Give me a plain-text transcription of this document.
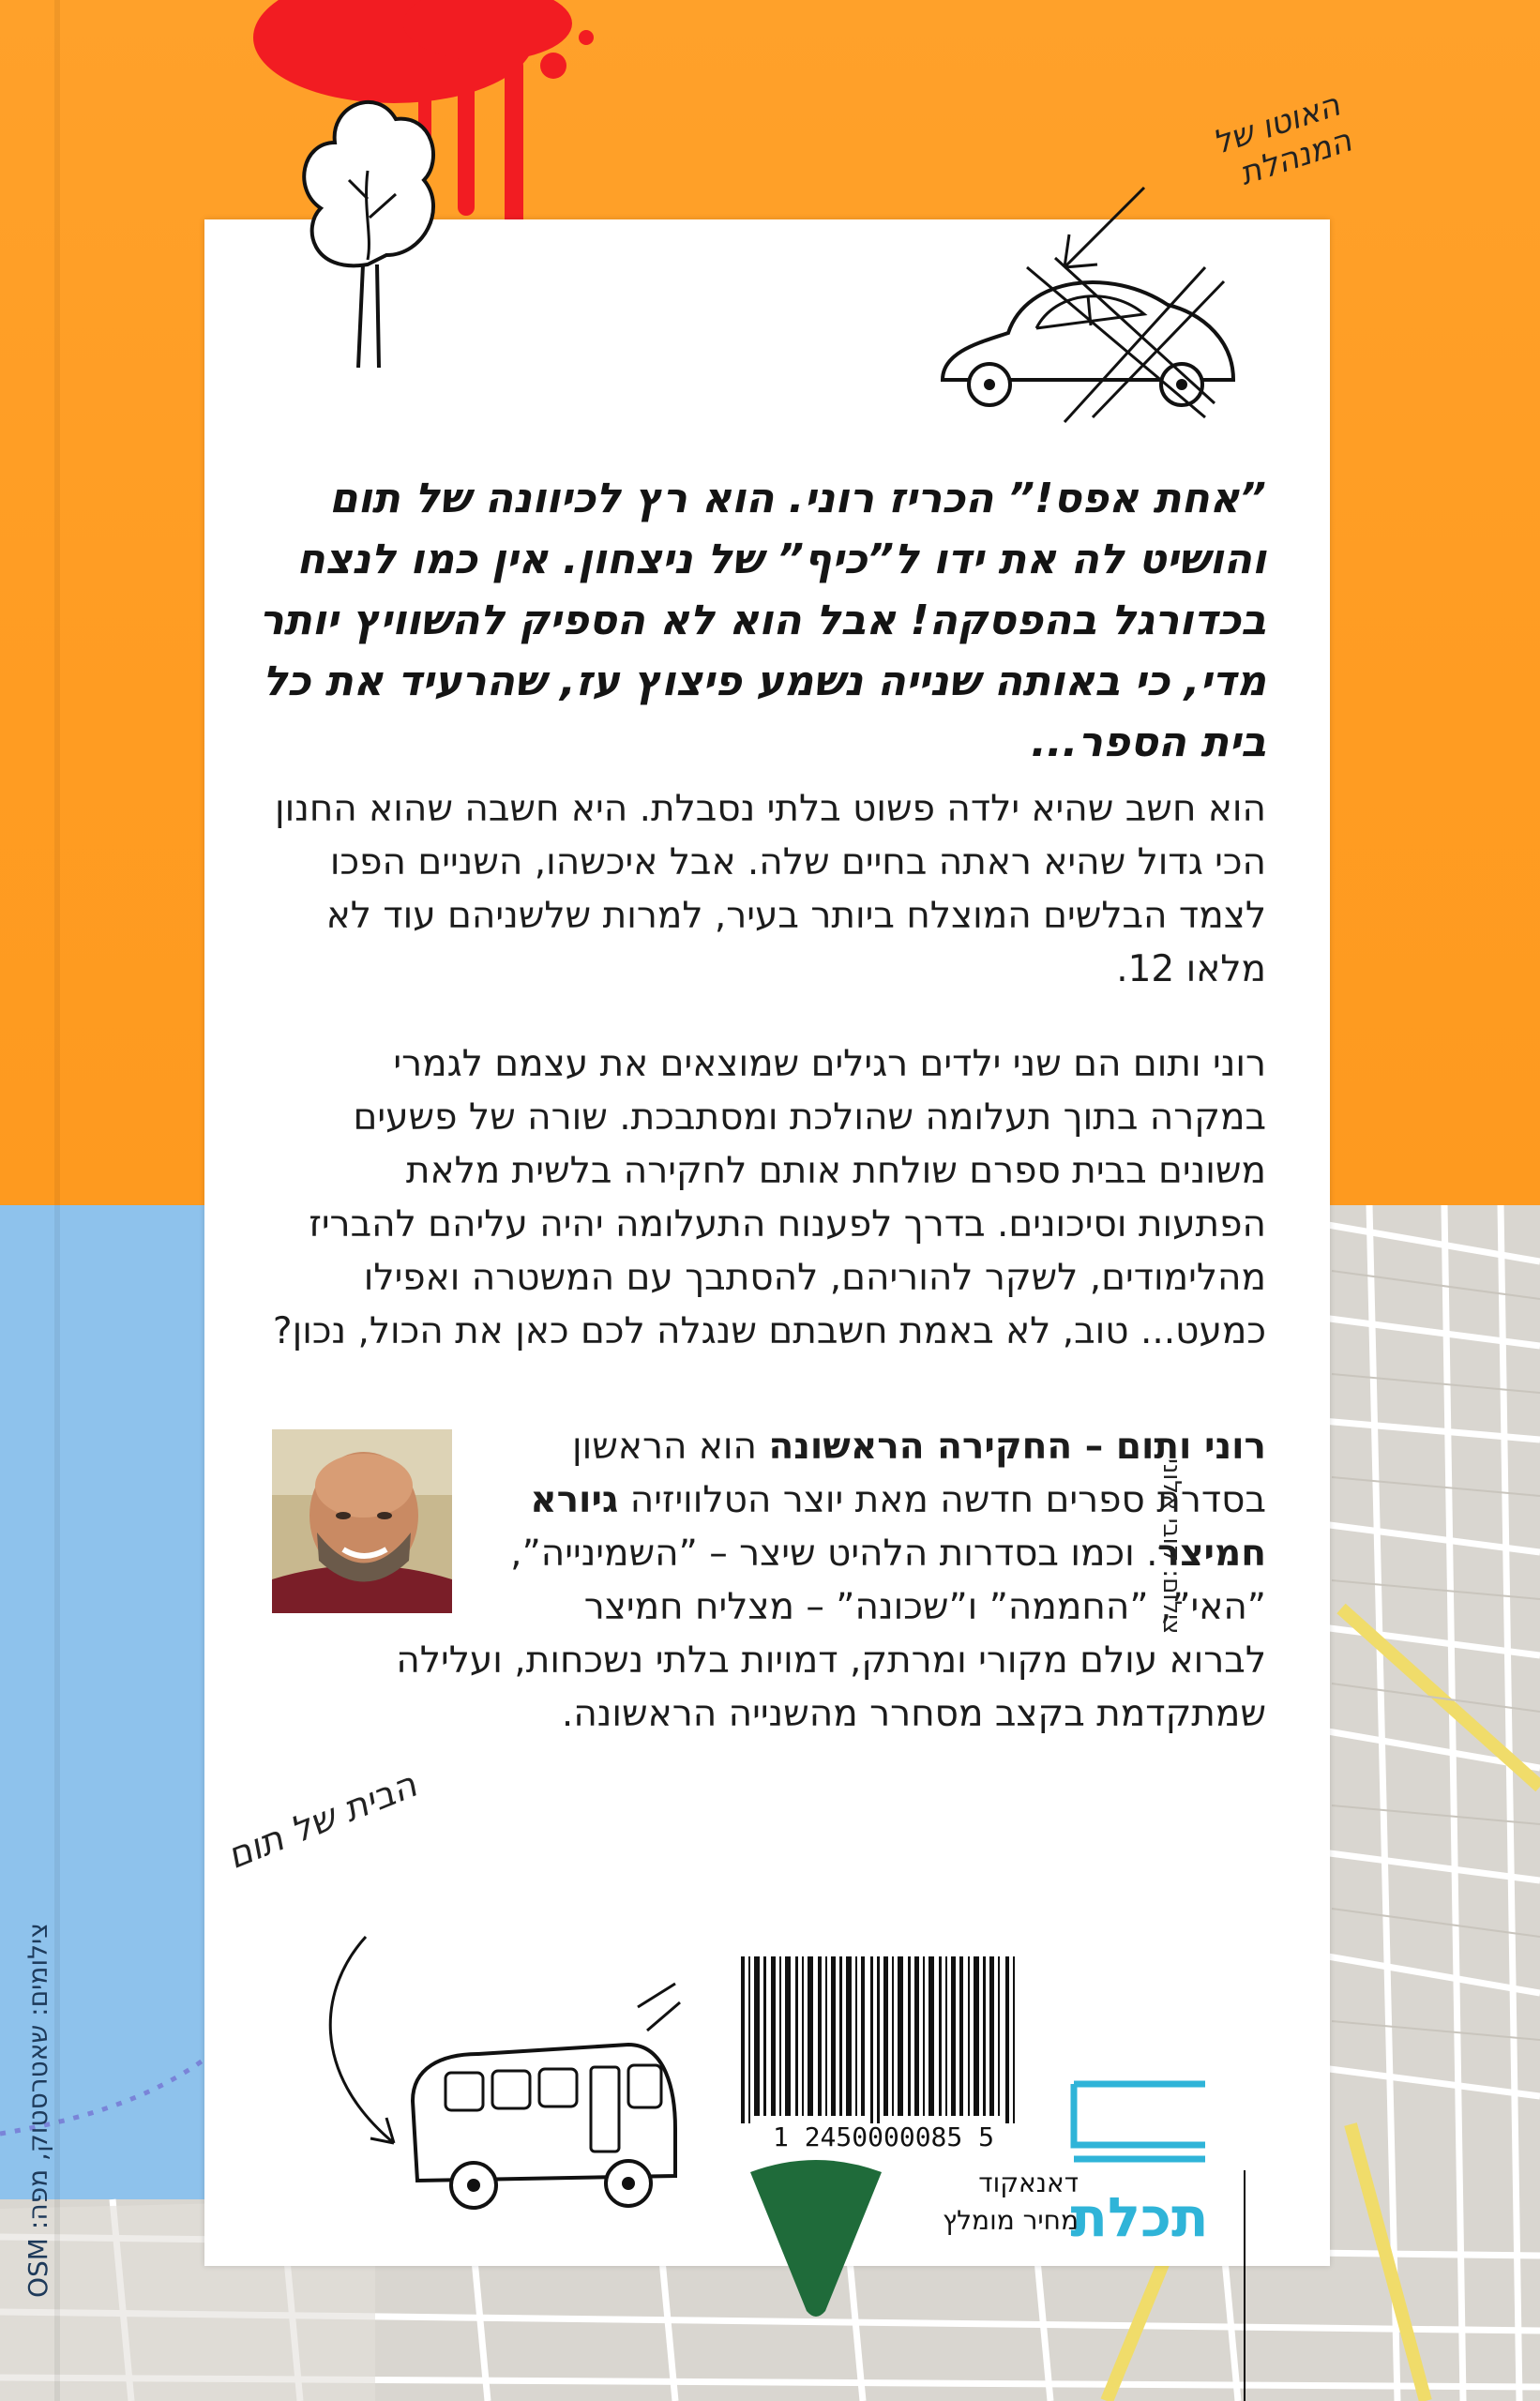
”אחת אפס!” הכריז רוני. הוא רץ לכיוונה של תום והושיט לה את ידו ל”כיף” של ניצחון. אין כמו לנצח בכדורגל בהפסקה! אבל הוא לא הספיק להשוויץ יותר מדי, כי באותה שנייה נשמע פיצוץ עז, שהרעיד את כל בית הספר...
הוא חשב שהיא ילדה פשוט בלתי נסבלת. היא חשבה שהוא החנון הכי גדול שהיא ראתה בחיים שלה. אבל איכשהו, השניים הפכו לצמד הבלשים המוצלח ביותר בעיר, למרות שלשניהם עוד לא מלאו 12.
רוני ותום הם שני ילדים רגילים שמוצאים את עצמם לגמרי במקרה בתוך תעלומה שהולכת ומסתבכת. שורה של פשעים משונים בבית ספרם שולחת אותם לחקירה בלשית מלאת הפתעות וסיכונים. בדרך לפענוח התעלומה יהיה עליהם להבריז מהלימודים, לשקר להוריהם, להסתבך עם המשטרה ואפילו כמעט... טוב, לא באמת חשבתם שנגלה לכם כאן את הכול, נכון?
רוני ותום – החקירה הראשונה הוא הראשון בסדרת ספרים חדשה מאת יוצר הטלוויזיה גיורא חמיצר. וכמו בסדרות הלהיט שיצר – ”השמינייה”, ”האי”, ”החממה” ו”שכונה” – מצליח חמיצר לברוא עולם מקורי ומרתק, דמויות בלתי נשכחות, ועלילה שמתקדמת בקצב מסחרר מהשנייה הראשונה.
צילום: קובי אלוני
האוטו של המנהלת
הבית של תום
1 2450000085 5
דאנאקוד
מחיר מומלץ
תכלת
צילומים: שאטרסטוק, מפה: OSM
